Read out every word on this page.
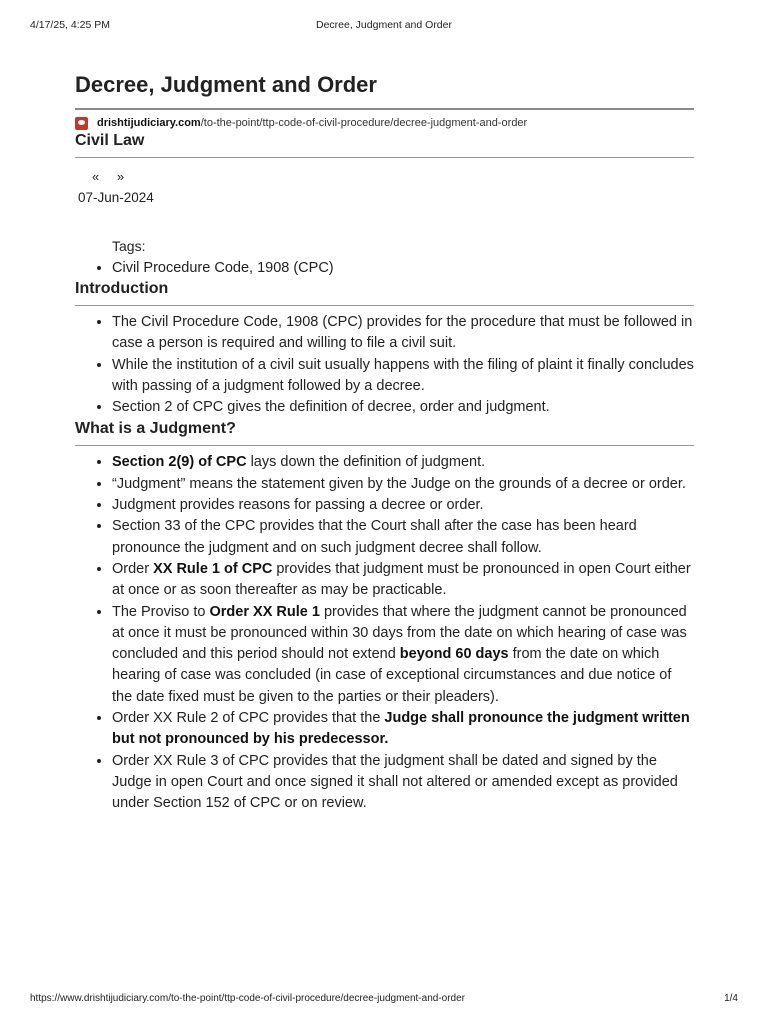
4/17/25, 4:25 PM	Decree, Judgment and Order
Decree, Judgment and Order
drishtijudiciary.com/to-the-point/ttp-code-of-civil-procedure/decree-judgment-and-order
Civil Law
« »
07-Jun-2024
Tags:
• Civil Procedure Code, 1908 (CPC)
Introduction
• The Civil Procedure Code, 1908 (CPC) provides for the procedure that must be followed in case a person is required and willing to file a civil suit.
• While the institution of a civil suit usually happens with the filing of plaint it finally concludes with passing of a judgment followed by a decree.
• Section 2 of CPC gives the definition of decree, order and judgment.
What is a Judgment?
• Section 2(9) of CPC lays down the definition of judgment.
• “Judgment” means the statement given by the Judge on the grounds of a decree or order.
• Judgment provides reasons for passing a decree or order.
• Section 33 of the CPC provides that the Court shall after the case has been heard pronounce the judgment and on such judgment decree shall follow.
• Order XX Rule 1 of CPC provides that judgment must be pronounced in open Court either at once or as soon thereafter as may be practicable.
• The Proviso to Order XX Rule 1 provides that where the judgment cannot be pronounced at once it must be pronounced within 30 days from the date on which hearing of case was concluded and this period should not extend beyond 60 days from the date on which hearing of case was concluded (in case of exceptional circumstances and due notice of the date fixed must be given to the parties or their pleaders).
• Order XX Rule 2 of CPC provides that the Judge shall pronounce the judgment written but not pronounced by his predecessor.
• Order XX Rule 3 of CPC provides that the judgment shall be dated and signed by the Judge in open Court and once signed it shall not altered or amended except as provided under Section 152 of CPC or on review.
https://www.drishtijudiciary.com/to-the-point/ttp-code-of-civil-procedure/decree-judgment-and-order	1/4
